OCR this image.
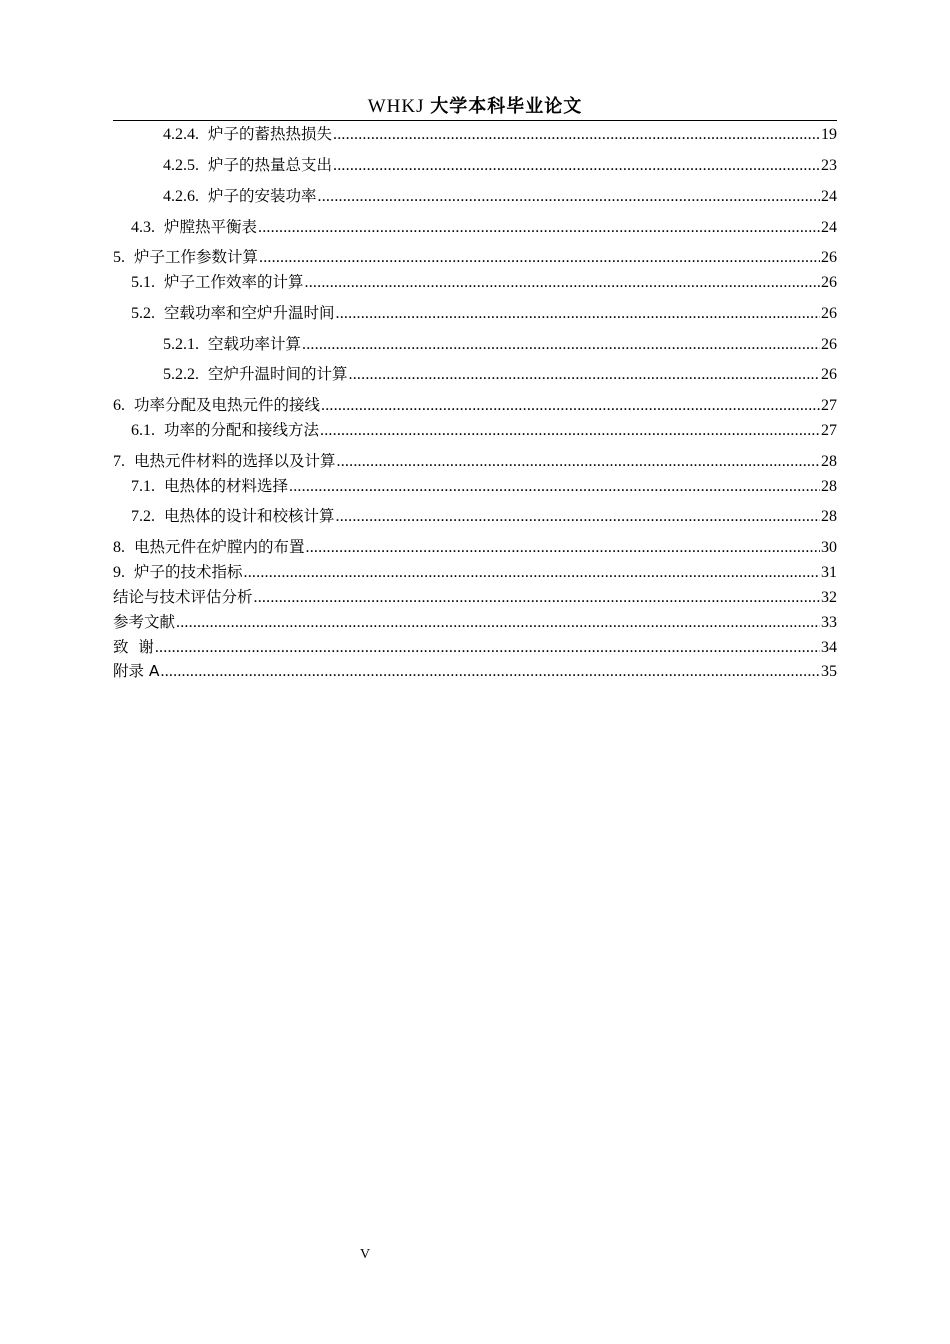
WHKJ 大学本科毕业论文
4.2.4. 炉子的蓄热热损失 .....	19
4.2.5. 炉子的热量总支出 .....	23
4.2.6. 炉子的安装功率 .....	24
4.3. 炉膛热平衡表 .....	24
5. 炉子工作参数计算 .....	26
5.1. 炉子工作效率的计算 .....	26
5.2. 空载功率和空炉升温时间 .....	26
5.2.1. 空载功率计算 .....	26
5.2.2. 空炉升温时间的计算 .....	26
6. 功率分配及电热元件的接线 .....	27
6.1. 功率的分配和接线方法 .....	27
7. 电热元件材料的选择以及计算 .....	28
7.1. 电热体的材料选择 .....	28
7.2. 电热体的设计和校核计算 .....	28
8. 电热元件在炉膛内的布置 .....	30
9. 炉子的技术指标 .....	31
结论与技术评估分析 .....	32
参考文献 .....	33
致  谢 .....	34
附录 A .....	35
V
